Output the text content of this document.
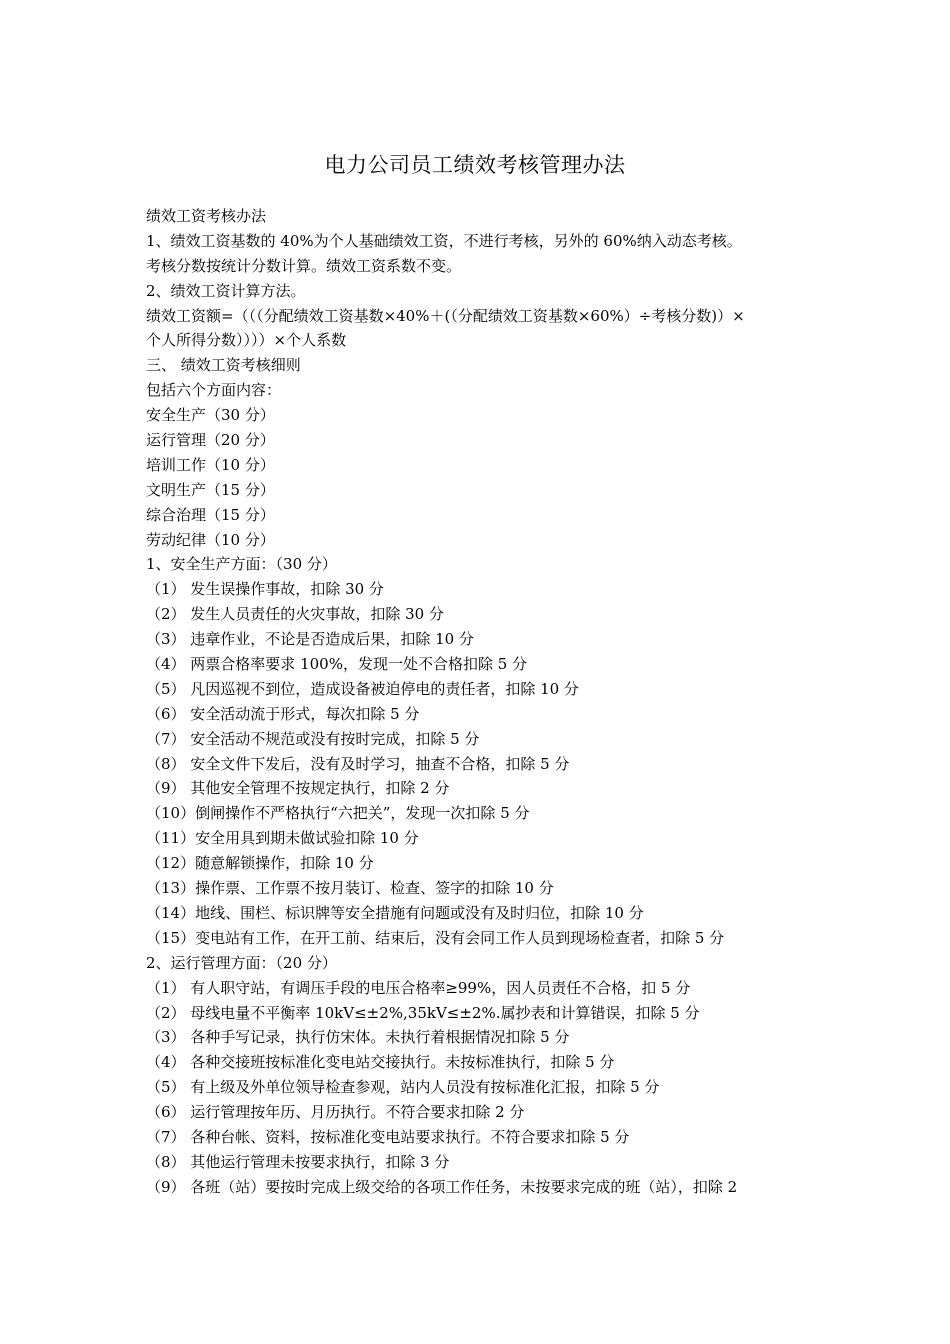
电力公司员工绩效考核管理办法
绩效工资考核办法
1、绩效工资基数的 40%为个人基础绩效工资，不进行考核，另外的 60%纳入动态考核。
考核分数按统计分数计算。绩效工资系数不变。
2、绩效工资计算方法。
绩效工资额=（（（分配绩效工资基数×40%＋(（分配绩效工资基数×60%）÷考核分数)）×
个人所得分数））））×个人系数
三、 绩效工资考核细则
包括六个方面内容：
安全生产（30 分）
运行管理（20 分）
培训工作（10 分）
文明生产（15 分）
综合治理（15 分）
劳动纪律（10 分）
1、安全生产方面：（30 分）
（1） 发生误操作事故，扣除 30 分
（2） 发生人员责任的火灾事故，扣除 30 分
（3） 违章作业，不论是否造成后果，扣除 10 分
（4） 两票合格率要求 100%，发现一处不合格扣除 5 分
（5） 凡因巡视不到位，造成设备被迫停电的责任者，扣除 10 分
（6） 安全活动流于形式，每次扣除 5 分
（7） 安全活动不规范或没有按时完成，扣除 5 分
（8） 安全文件下发后，没有及时学习，抽查不合格，扣除 5 分
（9） 其他安全管理不按规定执行，扣除 2 分
（10）倒闸操作不严格执行“六把关”，发现一次扣除 5 分
（11）安全用具到期未做试验扣除 10 分
（12）随意解锁操作，扣除 10 分
（13）操作票、工作票不按月装订、检查、签字的扣除 10 分
（14）地线、围栏、标识牌等安全措施有问题或没有及时归位，扣除 10 分
（15）变电站有工作，在开工前、结束后，没有会同工作人员到现场检查者，扣除 5 分
2、运行管理方面：（20 分）
（1） 有人职守站，有调压手段的电压合格率≥99%，因人员责任不合格，扣 5 分
（2） 母线电量不平衡率 10kV≤±2%,35kV≤±2%.属抄表和计算错误，扣除 5 分
（3） 各种手写记录，执行仿宋体。未执行着根据情况扣除 5 分
（4） 各种交接班按标准化变电站交接执行。未按标准执行，扣除 5 分
（5） 有上级及外单位领导检查参观，站内人员没有按标准化汇报，扣除 5 分
（6） 运行管理按年历、月历执行。不符合要求扣除 2 分
（7） 各种台帐、资料，按标准化变电站要求执行。不符合要求扣除 5 分
（8） 其他运行管理未按要求执行，扣除 3 分
（9） 各班（站）要按时完成上级交给的各项工作任务，未按要求完成的班（站），扣除 2
